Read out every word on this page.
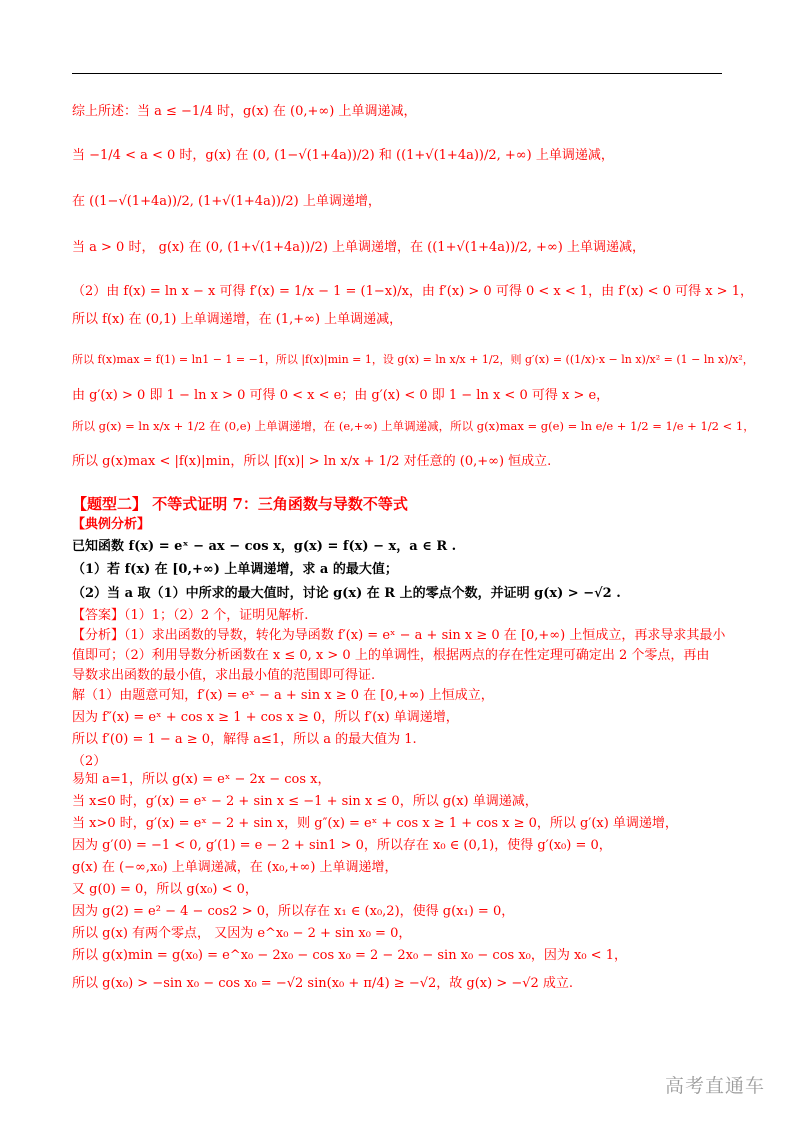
综上所述：当 a ≤ −1/4 时，g(x) 在 (0,+∞) 上单调递减，
当 −1/4 < a < 0 时，g(x) 在 (0, (1−√(1+4a))/2) 和 ((1+√(1+4a))/2, +∞) 上单调递减，
在 ((1−√(1+4a))/2, (1+√(1+4a))/2) 上单调递增，
当 a > 0 时， g(x) 在 (0, (1+√(1+4a))/2) 上单调递增，在 ((1+√(1+4a))/2, +∞) 上单调递减，
（2）由 f(x) = ln x − x 可得 f′(x) = 1/x − 1 = (1−x)/x，由 f′(x) > 0 可得 0 < x < 1，由 f′(x) < 0 可得 x > 1，
所以 f(x) 在 (0,1) 上单调递增，在 (1,+∞) 上单调递减，
所以 f(x)max = f(1) = ln1 − 1 = −1，所以 |f(x)|min = 1，设 g(x) = ln x/x + 1/2，则 g′(x) = ((1/x)·x − ln x)/x² = (1 − ln x)/x²，
由 g′(x) > 0 即 1 − ln x > 0 可得 0 < x < e；由 g′(x) < 0 即 1 − ln x < 0 可得 x > e，
所以 g(x) = ln x/x + 1/2 在 (0,e) 上单调递增，在 (e,+∞) 上单调递减，所以 g(x)max = g(e) = ln e/e + 1/2 = 1/e + 1/2 < 1，
所以 g(x)max < |f(x)|min，所以 |f(x)| > ln x/x + 1/2 对任意的 (0,+∞) 恒成立.
【题型二】 不等式证明 7：三角函数与导数不等式
【典例分析】
已知函数 f(x) = eˣ − ax − cos x，g(x) = f(x) − x，a ∈ R .
（1）若 f(x) 在 [0,+∞) 上单调递增，求 a 的最大值；
（2）当 a 取（1）中所求的最大值时，讨论 g(x) 在 R 上的零点个数，并证明 g(x) > −√2 .
【答案】（1）1；（2）2 个，证明见解析.
【分析】（1）求出函数的导数，转化为导函数 f′(x) = eˣ − a + sin x ≥ 0 在 [0,+∞) 上恒成立，再求导求其最小
值即可；（2）利用导数分析函数在 x ≤ 0, x > 0 上的单调性，根据两点的存在性定理可确定出 2 个零点，再由
导数求出函数的最小值，求出最小值的范围即可得证.
解（1）由题意可知，f′(x) = eˣ − a + sin x ≥ 0 在 [0,+∞) 上恒成立，
因为 f″(x) = eˣ + cos x ≥ 1 + cos x ≥ 0，所以 f′(x) 单调递增，
所以 f′(0) = 1 − a ≥ 0，解得 a≤1，所以 a 的最大值为 1.
（2）
易知 a=1，所以 g(x) = eˣ − 2x − cos x，
当 x≤0 时，g′(x) = eˣ − 2 + sin x ≤ −1 + sin x ≤ 0，所以 g(x) 单调递减，
当 x>0 时，g′(x) = eˣ − 2 + sin x，则 g″(x) = eˣ + cos x ≥ 1 + cos x ≥ 0，所以 g′(x) 单调递增，
因为 g′(0) = −1 < 0, g′(1) = e − 2 + sin1 > 0，所以存在 x₀ ∈ (0,1)，使得 g′(x₀) = 0，
g(x) 在 (−∞,x₀) 上单调递减，在 (x₀,+∞) 上单调递增，
又 g(0) = 0，所以 g(x₀) < 0，
因为 g(2) = e² − 4 − cos2 > 0，所以存在 x₁ ∈ (x₀,2)，使得 g(x₁) = 0，
所以 g(x) 有两个零点， 又因为 e^x₀ − 2 + sin x₀ = 0，
所以 g(x)min = g(x₀) = e^x₀ − 2x₀ − cos x₀ = 2 − 2x₀ − sin x₀ − cos x₀，因为 x₀ < 1，
所以 g(x₀) > −sin x₀ − cos x₀ = −√2 sin(x₀ + π/4) ≥ −√2，故 g(x) > −√2 成立.
高考直通车
